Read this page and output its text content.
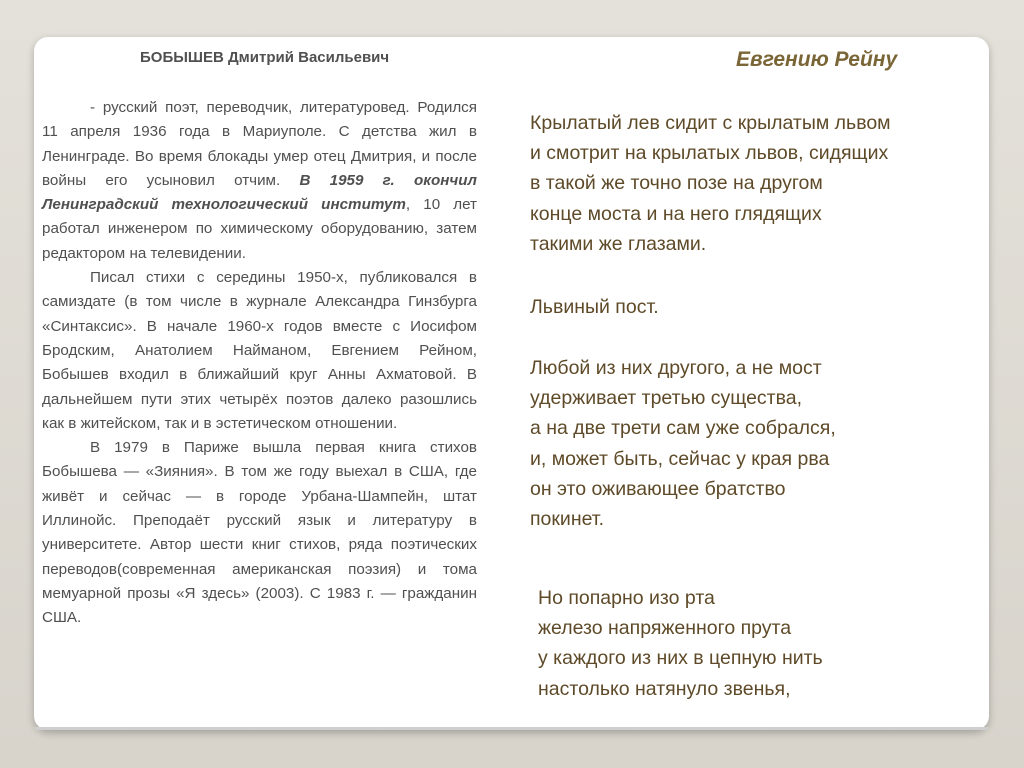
БОБЫШЕВ Дмитрий Васильевич

- русский поэт, переводчик, литературовед. Родился 11 апреля 1936 года в Мариуполе. С детства жил в Ленинграде. Во время блокады умер отец Дмитрия, и после войны его усыновил отчим. В 1959 г. окончил Ленинградский технологический институт, 10 лет работал инженером по химическому оборудованию, затем редактором на телевидении.

Писал стихи с середины 1950-х, публиковался в самиздате (в том числе в журнале Александра Гинзбурга «Синтаксис». В начале 1960-х годов вместе с Иосифом Бродским, Анатолием Найманом, Евгением Рейном, Бобышев входил в ближайший круг Анны Ахматовой. В дальнейшем пути этих четырёх поэтов далеко разошлись как в житейском, так и в эстетическом отношении.

В 1979 в Париже вышла первая книга стихов Бобышева — «Зияния». В том же году выехал в США, где живёт и сейчас — в городе Урбана-Шампейн, штат Иллинойс. Преподаёт русский язык и литературу в университете. Автор шести книг стихов, ряда поэтических переводов(современная американская поэзия) и тома мемуарной прозы «Я здесь» (2003). С 1983 г. — гражданин США.

Евгению Рейну
Крылатый лев сидит с крылатым львом
и смотрит на крылатых львов, сидящих
в такой же точно позе на другом
конце моста и на него глядящих
такими же глазами.
Львиный пост.
Любой из них другого, а не мост
удерживает третью существа,
а на две трети сам уже собрался,
и, может быть, сейчас у края рва
он это оживающее братство
покинет.
Но попарно изо рта
железо напряженного прута
у каждого из них в цепную нить
настолько натянуло звенья,
